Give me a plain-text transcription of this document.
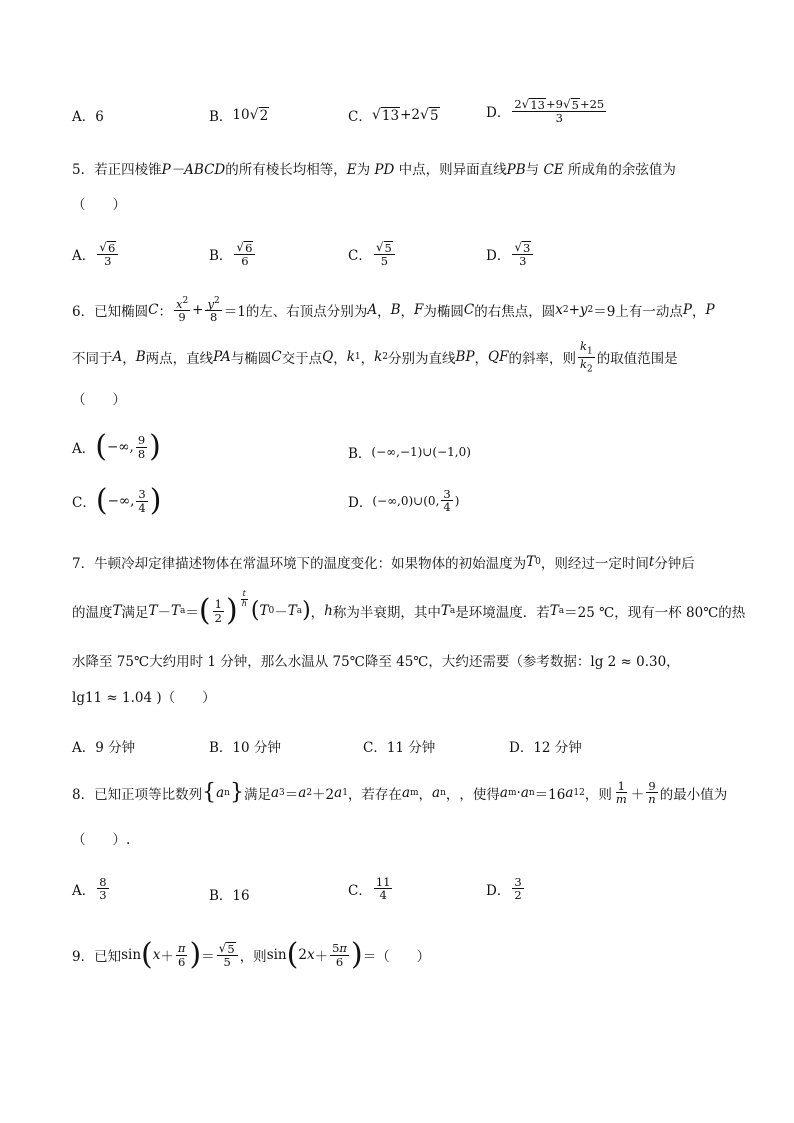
A．6	B． 10 √ 2	C． √ 13 +2 √ 5	D． $\frac{2 √ 13 +9 √ 5 +25}{3}$
5．若正四棱锥P－ABCD的所有棱长均相等，E为 PD 中点，则异面直线PB与 CE 所成角的余弦值为
（　　）
A． $\frac{√ 6}{3}$	B． $\frac{√ 6}{6}$	C． $\frac{√ 5}{5}$	D． $\frac{√ 3}{3}$
6．已知椭圆 C ： $\frac{x^2}{9} + \frac{y^2}{8} =1$ 的左、右顶点分别为 A ， B ， F 为椭圆 C 的右焦点，圆 x 2 + y 2 ＝9 上有一动点 P ， P
不同于 A ， B 两点，直线 PA 与椭圆 C 交于点 Q ， k 1 ， k 2 分别为直线 BP ， QF 的斜率，则 $\frac{k_1}{k_2}$ 的取值范围是
（　　）
A． ( −∞, $\frac{9}{8}$ )	B． (−∞,−1)∪(−1,0)
C． ( −∞, $\frac{3}{4}$ )	D． (−∞,0)∪(0, $\frac{3}{4}$ )
7．牛顿冷却定律描述物体在常温环境下的温度变化：如果物体的初始温度为 T 0 ，则经过一定时间 t 分钟后
的温度 T 满足 T － T a ＝ ( $\frac{1}{2}$ ) $^{\frac{t}{h}}$ ( T 0 － T a ) ， h 称为半衰期，其中 T a 是环境温度．若 T a ＝25 ℃，现有一杯 80℃的热
水降至 75℃大约用时 1 分钟，那么水温从 75℃降至 45℃，大约还需要（参考数据：lg 2 ≈ 0.30，
lg11 ≈ 1.04 )（　　）
A．9 分钟	B．10 分钟	C．11 分钟	D．12 分钟
8．已知正项等比数列 { a n } 满足 a 3 ＝ a 2 ＋2 a 1 ，若存在 a m ， a n ， ，使得 a m · a n ＝16 a 1 2 ，则 $\frac{1}{m} + \frac{9}{n}$ 的最小值为
（　　）.
A． $\frac{8}{3}$	B．16	C． $\frac{11}{4}$	D． $\frac{3}{2}$
9．已知 sin ( $x + \frac{\pi}{6}$ ) ＝ $\frac{√ 5}{5}$ ，则 sin ( 2 $x + \frac{5\pi}{6}$ ) ＝（　　）
